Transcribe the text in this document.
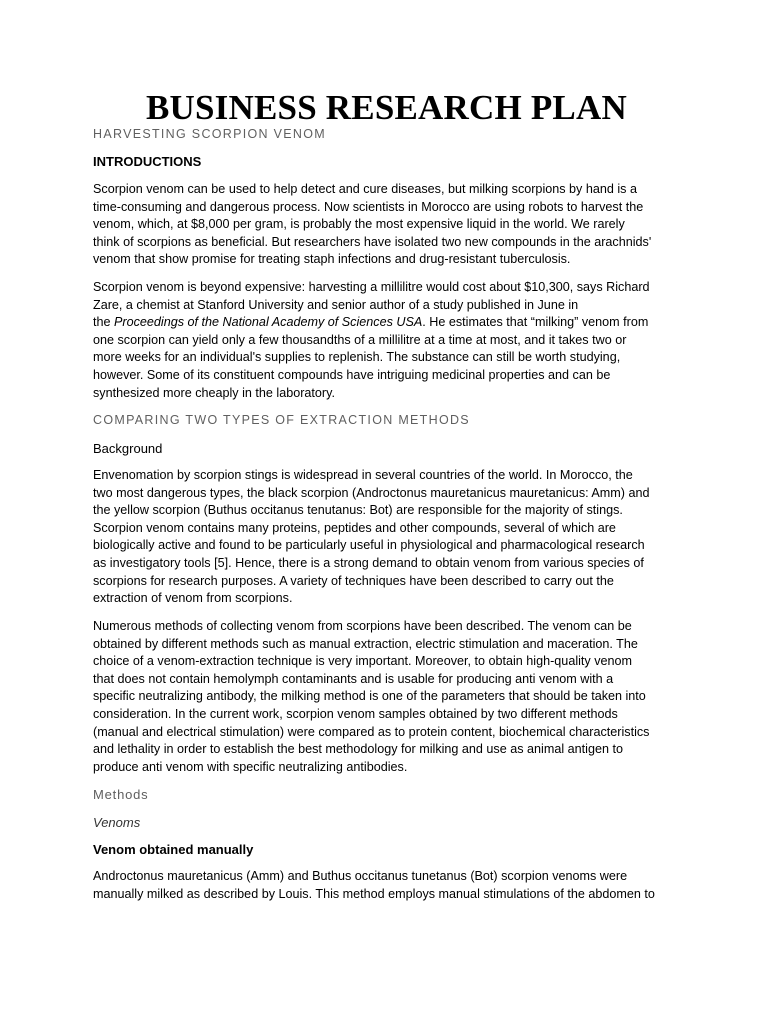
BUSINESS RESEARCH PLAN
HARVESTING SCORPION VENOM
INTRODUCTIONS
Scorpion venom can be used to help detect and cure diseases, but milking scorpions by hand is a
time-consuming and dangerous process. Now scientists in Morocco are using robots to harvest the
venom, which, at $8,000 per gram, is probably the most expensive liquid in the world. We rarely
think of scorpions as beneficial. But researchers have isolated two new compounds in the arachnids'
venom that show promise for treating staph infections and drug-resistant tuberculosis.
Scorpion venom is beyond expensive: harvesting a millilitre would cost about $10,300, says Richard
Zare, a chemist at Stanford University and senior author of a study published in June in
the Proceedings of the National Academy of Sciences USA. He estimates that “milking” venom from
one scorpion can yield only a few thousandths of a millilitre at a time at most, and it takes two or
more weeks for an individual's supplies to replenish. The substance can still be worth studying,
however. Some of its constituent compounds have intriguing medicinal properties and can be
synthesized more cheaply in the laboratory.
COMPARING TWO TYPES OF EXTRACTION METHODS
Background
Envenomation by scorpion stings is widespread in several countries of the world. In Morocco, the
two most dangerous types, the black scorpion (Androctonus mauretanicus mauretanicus: Amm) and
the yellow scorpion (Buthus occitanus tenutanus: Bot) are responsible for the majority of stings.
Scorpion venom contains many proteins, peptides and other compounds, several of which are
biologically active and found to be particularly useful in physiological and pharmacological research
as investigatory tools [5]. Hence, there is a strong demand to obtain venom from various species of
scorpions for research purposes. A variety of techniques have been described to carry out the
extraction of venom from scorpions.
Numerous methods of collecting venom from scorpions have been described. The venom can be
obtained by different methods such as manual extraction, electric stimulation and maceration. The
choice of a venom-extraction technique is very important. Moreover, to obtain high-quality venom
that does not contain hemolymph contaminants and is usable for producing anti venom with a
specific neutralizing antibody, the milking method is one of the parameters that should be taken into
consideration. In the current work, scorpion venom samples obtained by two different methods
(manual and electrical stimulation) were compared as to protein content, biochemical characteristics
and lethality in order to establish the best methodology for milking and use as animal antigen to
produce anti venom with specific neutralizing antibodies.
Methods
Venoms
Venom obtained manually
Androctonus mauretanicus (Amm) and Buthus occitanus tunetanus (Bot) scorpion venoms were
manually milked as described by Louis. This method employs manual stimulations of the abdomen to
